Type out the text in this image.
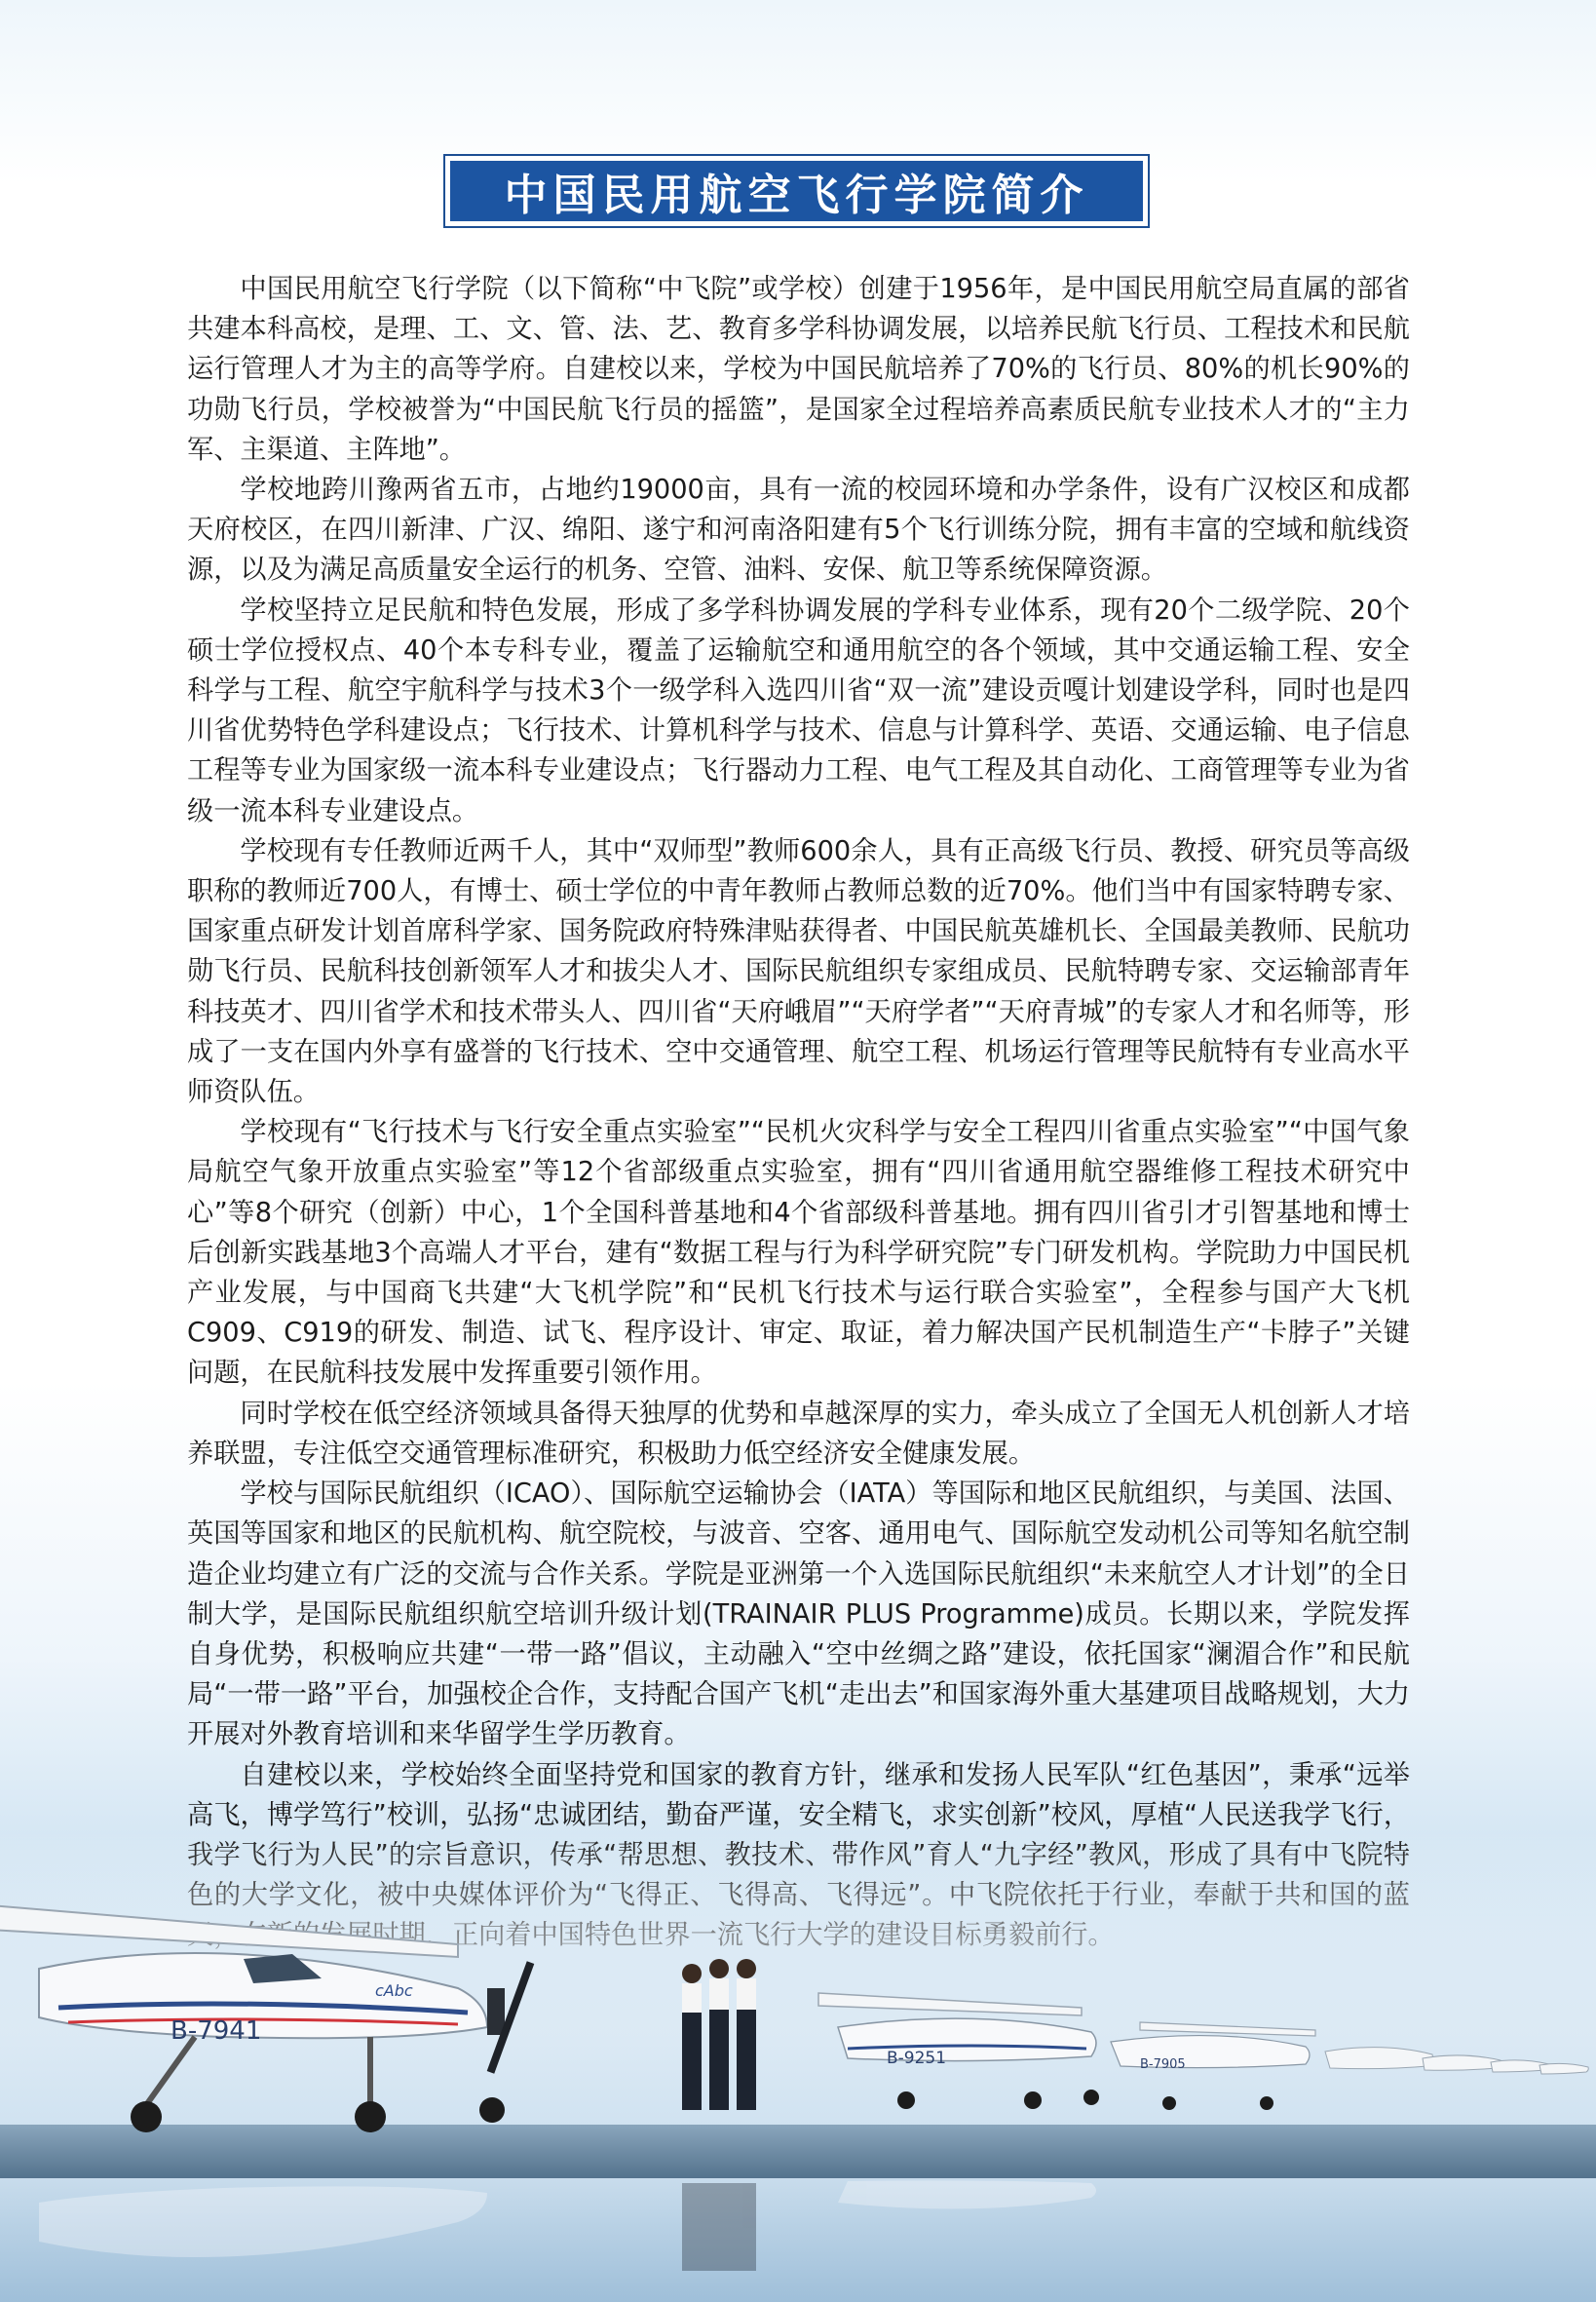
中国民用航空飞行学院简介

中国民用航空飞行学院（以下简称“中飞院”或学校）创建于1956年，是中国民用航空局直属的部省共建本科高校，是理、工、文、管、法、艺、教育多学科协调发展，以培养民航飞行员、工程技术和民航运行管理人才为主的高等学府。自建校以来，学校为中国民航培养了70%的飞行员、80%的机长90%的功勋飞行员，学校被誉为“中国民航飞行员的摇篮”，是国家全过程培养高素质民航专业技术人才的“主力军、主渠道、主阵地”。

学校地跨川豫两省五市，占地约19000亩，具有一流的校园环境和办学条件，设有广汉校区和成都天府校区，在四川新津、广汉、绵阳、遂宁和河南洛阳建有5个飞行训练分院，拥有丰富的空域和航线资源，以及为满足高质量安全运行的机务、空管、油料、安保、航卫等系统保障资源。

学校坚持立足民航和特色发展，形成了多学科协调发展的学科专业体系，现有20个二级学院、20个硕士学位授权点、40个本专科专业，覆盖了运输航空和通用航空的各个领域，其中交通运输工程、安全科学与工程、航空宇航科学与技术3个一级学科入选四川省“双一流”建设贡嘎计划建设学科，同时也是四川省优势特色学科建设点；飞行技术、计算机科学与技术、信息与计算科学、英语、交通运输、电子信息工程等专业为国家级一流本科专业建设点；飞行器动力工程、电气工程及其自动化、工商管理等专业为省级一流本科专业建设点。

学校现有专任教师近两千人，其中“双师型”教师600余人，具有正高级飞行员、教授、研究员等高级职称的教师近700人，有博士、硕士学位的中青年教师占教师总数的近70%。他们当中有国家特聘专家、国家重点研发计划首席科学家、国务院政府特殊津贴获得者、中国民航英雄机长、全国最美教师、民航功勋飞行员、民航科技创新领军人才和拔尖人才、国际民航组织专家组成员、民航特聘专家、交运输部青年科技英才、四川省学术和技术带头人、四川省“天府峨眉”“天府学者”“天府青城”的专家人才和名师等，形成了一支在国内外享有盛誉的飞行技术、空中交通管理、航空工程、机场运行管理等民航特有专业高水平师资队伍。

学校现有“飞行技术与飞行安全重点实验室”“民机火灾科学与安全工程四川省重点实验室”“中国气象局航空气象开放重点实验室”等12个省部级重点实验室，拥有“四川省通用航空器维修工程技术研究中心”等8个研究（创新）中心，1个全国科普基地和4个省部级科普基地。拥有四川省引才引智基地和博士后创新实践基地3个高端人才平台，建有“数据工程与行为科学研究院”专门研发机构。学院助力中国民机产业发展，与中国商飞共建“大飞机学院”和“民机飞行技术与运行联合实验室”，全程参与国产大飞机C909、C919的研发、制造、试飞、程序设计、审定、取证，着力解决国产民机制造生产“卡脖子”关键问题，在民航科技发展中发挥重要引领作用。

同时学校在低空经济领域具备得天独厚的优势和卓越深厚的实力，牵头成立了全国无人机创新人才培养联盟，专注低空交通管理标准研究，积极助力低空经济安全健康发展。

学校与国际民航组织（ICAO）、国际航空运输协会（IATA）等国际和地区民航组织，与美国、法国、英国等国家和地区的民航机构、航空院校，与波音、空客、通用电气、国际航空发动机公司等知名航空制造企业均建立有广泛的交流与合作关系。学院是亚洲第一个入选国际民航组织“未来航空人才计划”的全日制大学，是国际民航组织航空培训升级计划(TRAINAIR PLUS Programme)成员。长期以来，学院发挥自身优势，积极响应共建“一带一路”倡议，主动融入“空中丝绸之路”建设，依托国家“澜湄合作”和民航局“一带一路”平台，加强校企合作，支持配合国产飞机“走出去”和国家海外重大基建项目战略规划，大力开展对外教育培训和来华留学生学历教育。

自建校以来，学校始终全面坚持党和国家的教育方针，继承和发扬人民军队“红色基因”，秉承“远举高飞，博学笃行”校训，弘扬“忠诚团结，勤奋严谨，安全精飞，求实创新”校风，厚植“人民送我学飞行，

B-7941
cAbc
B-9251	B-7905
